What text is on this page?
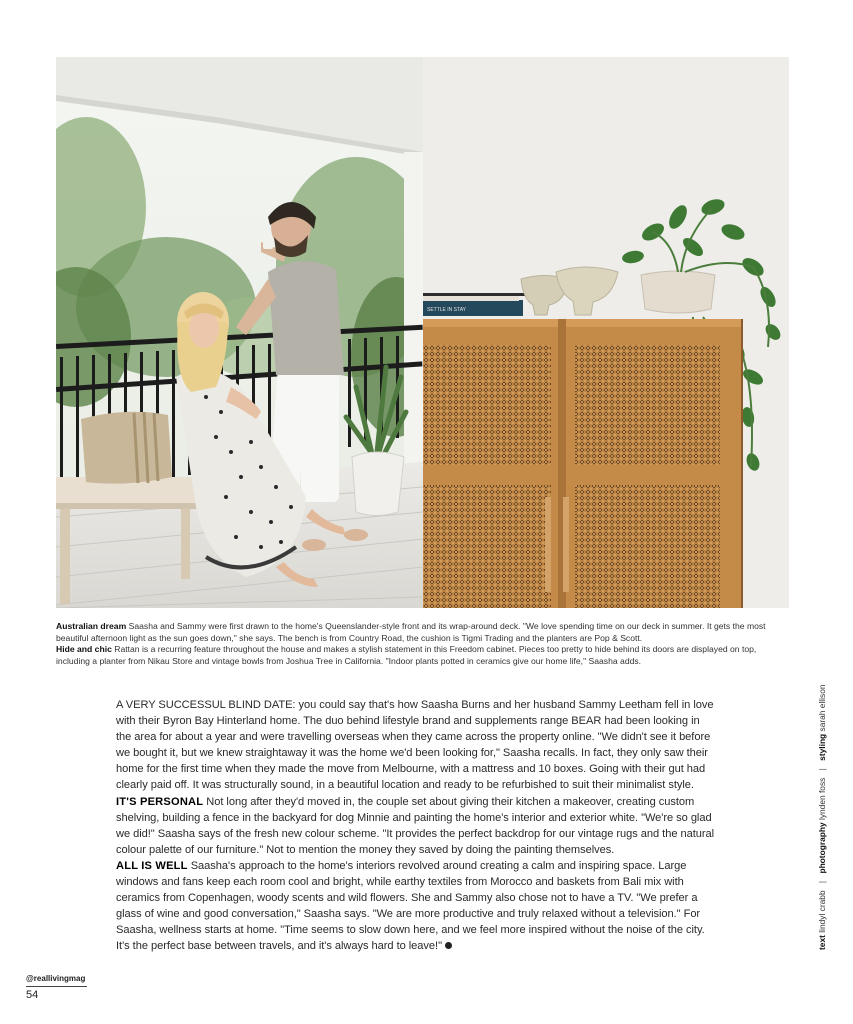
SETTLE IN STAY
Australian dream Saasha and Sammy were first drawn to the home's Queenslander-style front and its wrap-around deck. "We love spending time on our deck in summer. It gets the most beautiful afternoon light as the sun goes down," she says. The bench is from Country Road, the cushion is Tigmi Trading and the planters are Pop & Scott.
Hide and chic Rattan is a recurring feature throughout the house and makes a stylish statement in this Freedom cabinet. Pieces too pretty to hide behind its doors are displayed on top, including a planter from Nikau Store and vintage bowls from Joshua Tree in California. "Indoor plants potted in ceramics give our home life," Saasha adds.

A VERY SUCCESSUL BLIND DATE: you could say that's how Saasha Burns and her husband Sammy Leetham fell in love with their Byron Bay Hinterland home. The duo behind lifestyle brand and supplements range BEAR had been looking in the area for about a year and were travelling overseas when they came across the property online. "We didn't see it before we bought it, but we knew straightaway it was the home we'd been looking for," Saasha recalls. In fact, they only saw their home for the first time when they made the move from Melbourne, with a mattress and 10 boxes. Going with their gut had clearly paid off. It was structurally sound, in a beautiful location and ready to be refurbished to suit their minimalist style.

IT'S PERSONAL Not long after they'd moved in, the couple set about giving their kitchen a makeover, creating custom shelving, building a fence in the backyard for dog Minnie and painting the home's interior and exterior white. "We're so glad we did!" Saasha says of the fresh new colour scheme. "It provides the perfect backdrop for our vintage rugs and the natural colour palette of our furniture." Not to mention the money they saved by doing the painting themselves.

ALL IS WELL Saasha's approach to the home's interiors revolved around creating a calm and inspiring space. Large windows and fans keep each room cool and bright, while earthy textiles from Morocco and baskets from Bali mix with ceramics from Copenhagen, woody scents and wild flowers. She and Sammy also chose not to have a TV. "We prefer a glass of wine and good conversation," Saasha says. "We are more productive and truly relaxed without a television." For Saasha, wellness starts at home. "Time seems to slow down here, and we feel more inspired without the noise of the city. It's the perfect base between travels, and it's always hard to leave!"	text lindyl crabb | photography lynden foss | styling sarah ellison
@reallivingmag
54
